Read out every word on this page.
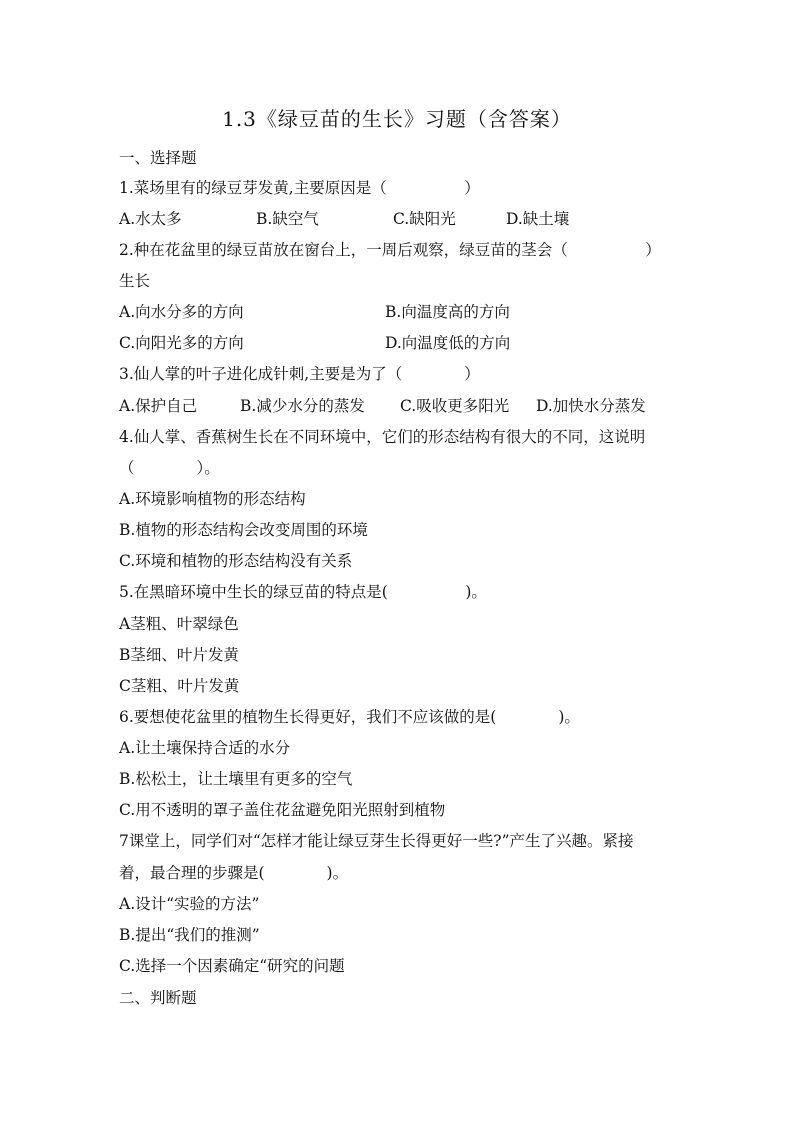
1.3《绿豆苗的生长》习题（含答案）
一、选择题
1.菜场里有的绿豆芽发黄,主要原因是（　　　　　）
A.水太多	B.缺空气	C.缺阳光	D.缺土壤
2.种在花盆里的绿豆苗放在窗台上，一周后观察，绿豆苗的茎会（　　　　　）
生长
A.向水分多的方向	B.向温度高的方向
C.向阳光多的方向	D.向温度低的方向
3.仙人掌的叶子进化成针刺,主要是为了（　　　　）
A.保护自己	B.减少水分的蒸发 C.吸收更多阳光 D.加快水分蒸发
4.仙人掌、香蕉树生长在不同环境中，它们的形态结构有很大的不同，这说明
（　　　　）。
A.环境影响植物的形态结构
B.植物的形态结构会改变周围的环境
C.环境和植物的形态结构没有关系
5.在黑暗环境中生长的绿豆苗的特点是(　　　　　)。
A茎粗、叶翠绿色
B茎细、叶片发黄
C茎粗、叶片发黄
6.要想使花盆里的植物生长得更好，我们不应该做的是(　　　　)。
A.让土壤保持合适的水分
B.松松土，让土壤里有更多的空气
C.用不透明的罩子盖住花盆避免阳光照射到植物
7课堂上，同学们对“怎样才能让绿豆芽生长得更好一些?”产生了兴趣。紧接
着，最合理的步骤是(　　　　)。
A.设计“实验的方法”
B.提出“我们的推测”
C.选择一个因素确定“研究的问题
二、判断题
